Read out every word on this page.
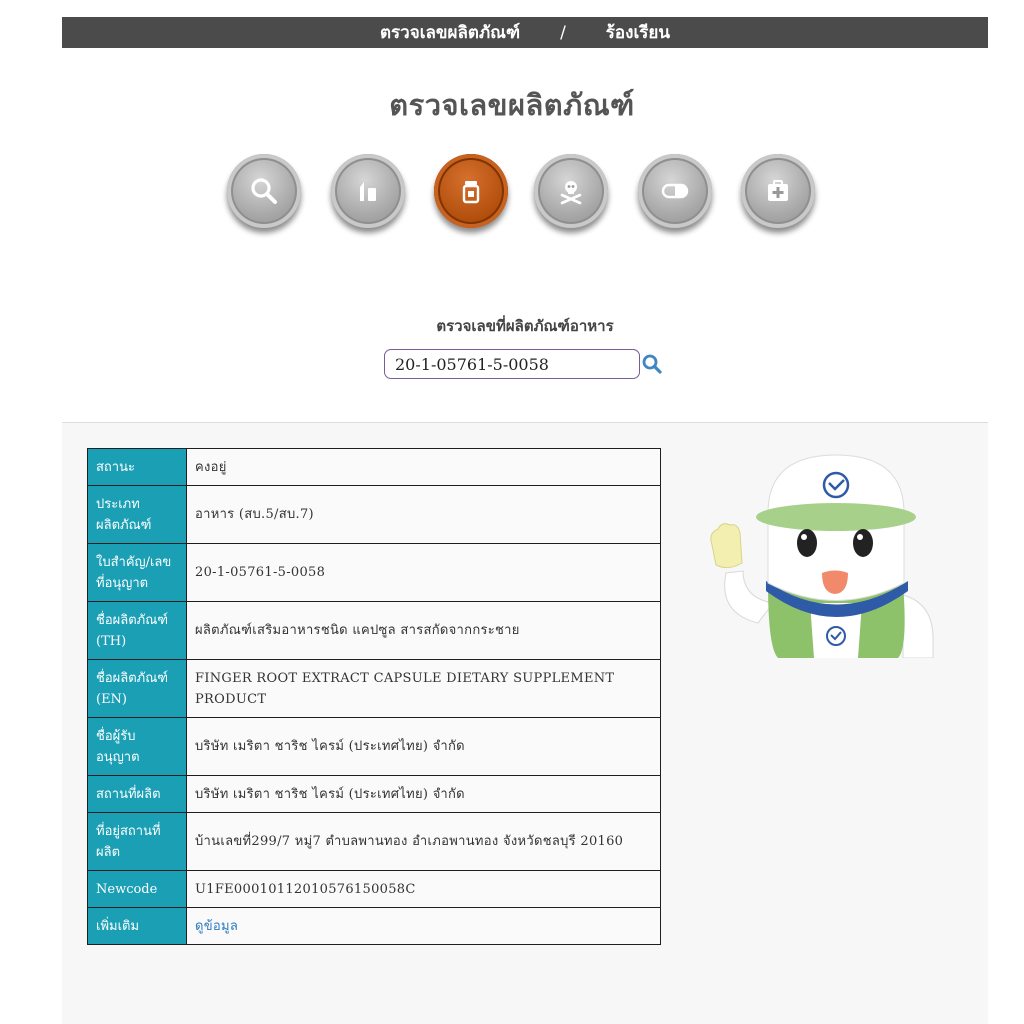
ตรวจเลขผลิตภัณฑ์ / ร้องเรียน
ตรวจเลขผลิตภัณฑ์
ตรวจเลขที่ผลิตภัณฑ์อาหาร
20-1-05761-5-0058
สถานะ	คงอยู่
ประเภทผลิตภัณฑ์	อาหาร (สบ.5/สบ.7)
ใบสำคัญ/เลขที่อนุญาต	20-1-05761-5-0058
ชื่อผลิตภัณฑ์ (TH)	ผลิตภัณฑ์เสริมอาหารชนิด แคปซูล สารสกัดจากกระชาย
ชื่อผลิตภัณฑ์ (EN)	FINGER ROOT EXTRACT CAPSULE DIETARY SUPPLEMENT PRODUCT
ชื่อผู้รับอนุญาต	บริษัท เมริตา ชาริช ไครม์ (ประเทศไทย) จำกัด
สถานที่ผลิต	บริษัท เมริตา ชาริช ไครม์ (ประเทศไทย) จำกัด
ที่อยู่สถานที่ผลิต	บ้านเลขที่299/7 หมู่7 ตำบลพานทอง อำเภอพานทอง จังหวัดชลบุรี 20160
Newcode	U1FE00010112010576150058C
เพิ่มเติม	ดูข้อมูล
